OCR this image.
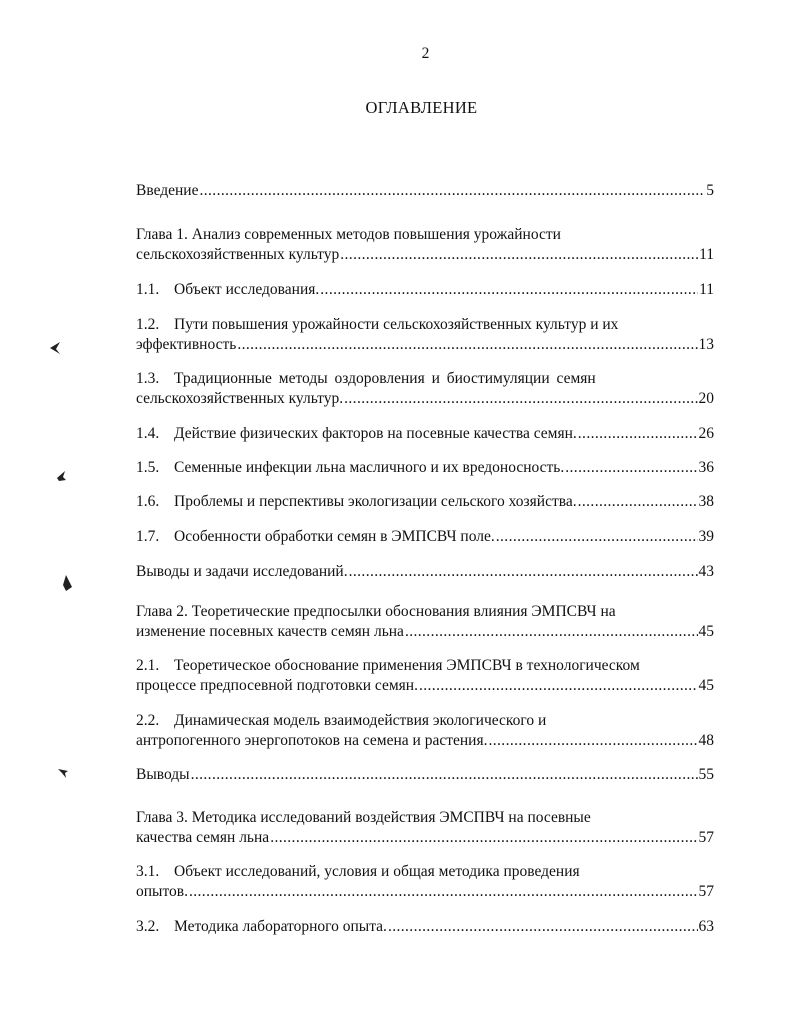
2
ОГЛАВЛЕНИЕ
Введение .....	5
Глава 1. Анализ современных методов повышения урожайности
сельскохозяйственных культур .....	11
1.1. Объект исследования. .....	11
1.2. Пути повышения урожайности сельскохозяйственных культур и их
эффективность .....	13
1.3. Традиционные методы оздоровления и биостимуляции семян
сельскохозяйственных культур. .....	20
1.4. Действие физических факторов на посевные качества семян. .....	26
1.5. Семенные инфекции льна масличного и их вредоносность. .....	36
1.6. Проблемы и перспективы экологизации сельского хозяйства. .....	38
1.7. Особенности обработки семян в ЭМПСВЧ поле. .....	39
Выводы и задачи исследований. .....	43
Глава 2. Теоретические предпосылки обоснования влияния ЭМПСВЧ на
изменение посевных качеств семян льна .....	45
2.1. Теоретическое обоснование применения ЭМПСВЧ в технологическом
процессе предпосевной подготовки семян. .....	45
2.2. Динамическая модель взаимодействия экологического и
антропогенного энергопотоков на семена и растения. .....	48
Выводы .....	55
Глава 3. Методика исследований воздействия ЭМСПВЧ на посевные
качества семян льна .....	57
3.1. Объект исследований, условия и общая методика проведения
опытов. .....	57
3.2. Методика лабораторного опыта. .....	63
